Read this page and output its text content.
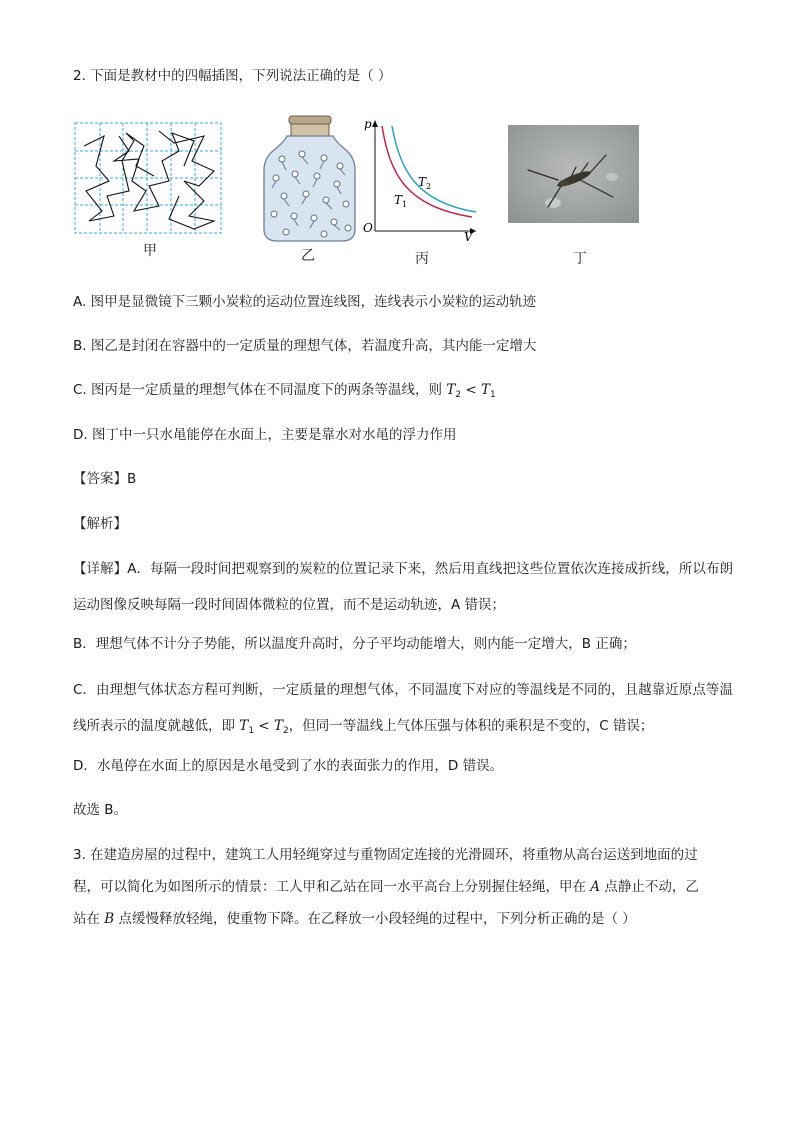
2. 下面是教材中的四幅插图，下列说法正确的是（ ）
甲	乙
p
O
V
T 2
T 1
丙	丁
A. 图甲是显微镜下三颗小炭粒的运动位置连线图，连线表示小炭粒的运动轨迹
B. 图乙是封闭在容器中的一定质量的理想气体，若温度升高，其内能一定增大
C. 图丙是一定质量的理想气体在不同温度下的两条等温线，则 $T_2 < T_1$
D. 图丁中一只水黾能停在水面上，主要是靠水对水黾的浮力作用
【答案】B
【解析】
【详解】A．每隔一段时间把观察到的炭粒的位置记录下来，然后用直线把这些位置依次连接成折线，所以布朗运动图像反映每隔一段时间固体微粒的位置，而不是运动轨迹，A 错误；
B．理想气体不计分子势能，所以温度升高时，分子平均动能增大，则内能一定增大，B 正确；
C．由理想气体状态方程可判断，一定质量的理想气体，不同温度下对应的等温线是不同的，且越靠近原点等温线所表示的温度就越低，即 $T_1 < T_2$，但同一等温线上气体压强与体积的乘积是不变的，C 错误；
D．水黾停在水面上的原因是水黾受到了水的表面张力的作用，D 错误。
故选 B。
3. 在建造房屋的过程中，建筑工人用轻绳穿过与重物固定连接的光滑圆环，将重物从高台运送到地面的过
程，可以简化为如图所示的情景：工人甲和乙站在同一水平高台上分别握住轻绳，甲在 A 点静止不动，乙
站在 B 点缓慢释放轻绳，使重物下降。在乙释放一小段轻绳的过程中，下列分析正确的是（ ）
